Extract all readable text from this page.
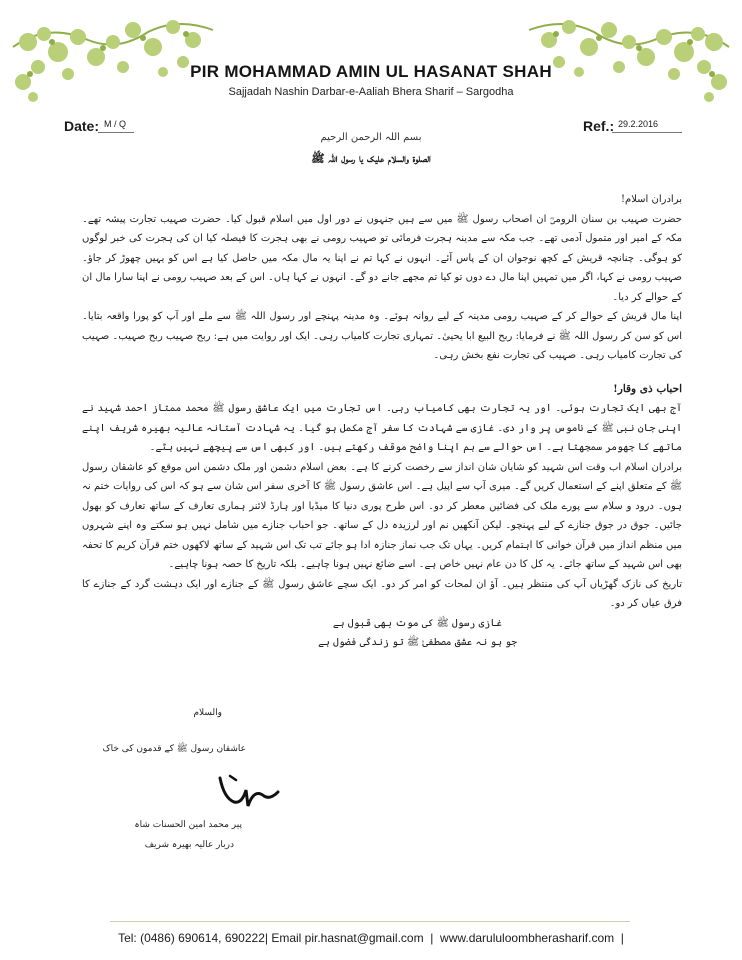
PIR MOHAMMAD AMIN UL HASANAT SHAH
Sajjadah Nashin Darbar-e-Aaliah Bhera Sharif – Sargodha
Date: M / Q	Ref.: 29.2.2016
بسم اللہ الرحمن الرحیم
الصلوۃ والسلام علیک یا رسول اللہ ﷺ

برادران اسلام!

حضرت صہیب بن سنان الرومیؓ ان اصحاب رسول ﷺ میں سے ہیں جنہوں نے دور اول میں اسلام قبول کیا۔ حضرت صہیب تجارت پیشہ تھے۔ مکہ کے امیر اور متمول آدمی تھے۔ جب مکہ سے مدینہ ہجرت فرمائی تو صہیب رومی نے بھی ہجرت کا فیصلہ کیا ان کی ہجرت کی خبر لوگوں کو ہوگی۔ چنانچہ قریش کے کچھ نوجوان ان کے پاس آئے۔ انہوں نے کہا تم نے اپنا یہ مال مکہ میں حاصل کیا ہے اس کو یہیں چھوڑ کر جاؤ۔ صہیب رومی نے کہا، اگر میں تمہیں اپنا مال دے دوں تو کیا تم مجھے جانے دو گے۔ انہوں نے کہا ہاں۔ اس کے بعد صہیب رومی نے اپنا سارا مال ان کے حوالے کر دیا۔

اپنا مال قریش کے حوالے کر کے صہیب رومی مدینہ کے لیے روانہ ہوئے۔ وہ مدینہ پہنچے اور رسول اللہ ﷺ سے ملے اور آپ کو پورا واقعہ بتایا۔ اس کو سن کر رسول اللہ ﷺ نے فرمایا: ربح البیع ابا یحییٰ۔ تمہاری تجارت کامیاب رہی۔ ایک اور روایت میں ہے: ربح صہیب ربح صہیب۔ صہیب کی تجارت کامیاب رہی۔ صہیب کی تجارت نفع بخش رہی۔

احباب ذی وقار!

آج بھی ایک تجارت ہوئی۔ اور یہ تجارت بھی کامیاب رہی۔ اس تجارت میں ایک عاشق رسول ﷺ محمد ممتاز احمد شہید نے اپنی جان نبی ﷺ کے ناموس پر وار دی۔ غازی سے شہادت کا سفر آج مکمل ہو گیا۔ یہ شہادت آستانہ عالیہ بھیرہ شریف اپنے ماتھے کا جھومر سمجھتا ہے۔ اس حوالے سے ہم اپنا واضح موقف رکھتے ہیں۔ اور کبھی اس سے پیچھے نہیں ہٹے۔

برادران اسلام اب وقت اس شہید کو شایان شان انداز سے رخصت کرنے کا ہے۔ بعض اسلام دشمن اور ملک دشمن اس موقع کو عاشقان رسول ﷺ کے متعلق اپنے کے استعمال کریں گے۔ میری آپ سے اپیل ہے۔ اس عاشق رسول ﷺ کا آخری سفر اس شان سے ہو کہ اس کی روایات ختم نہ ہوں۔ درود و سلام سے پورے ملک کی فضائیں معطر کر دو۔ اس طرح پوری دنیا کا میڈیا اور ہارڈ لائنر ہماری تعارف کے ساتھ تعارف کو بھول جائیں۔ جوق در جوق جنازے کے لیے پہنچو۔ لیکن آنکھیں نم اور لرزیدہ دل کے ساتھ۔ جو احباب جنازے میں شامل نہیں ہو سکتے وہ اپنے شہروں میں منظم انداز میں قرآن خوانی کا اہتمام کریں۔ یہاں تک جب نماز جنازہ ادا ہو جائے تب تک اس شہید کے ساتھ لاکھوں ختم قرآن کریم کا تحفہ بھی اس شہید کے ساتھ جائے۔ یہ کل کا دن عام نہیں خاص ہے۔ اسے ضائع نہیں ہونا چاہیے۔ بلکہ تاریخ کا حصہ ہونا چاہیے۔

تاریخ کی نازک گھڑیاں آپ کی منتظر ہیں۔ آؤ ان لمحات کو امر کر دو۔ ایک سچے عاشق رسول ﷺ کے جنازے اور ایک دہشت گرد کے جنازے کا فرق عیاں کر دو۔

غازی رسول ﷺ کی موت بھی قبول ہے

جو ہو نہ عشق مصطفیٰ ﷺ تو زندگی فضول ہے

والسلام
عاشقان رسول ﷺ کے قدموں کی خاک
پیر محمد امین الحسنات شاہ
دربار عالیہ بھیرہ شریف
Tel: (0486) 690614, 690222| Email pir.hasnat@gmail.com  |  www.darululoombherasharif.com  |
